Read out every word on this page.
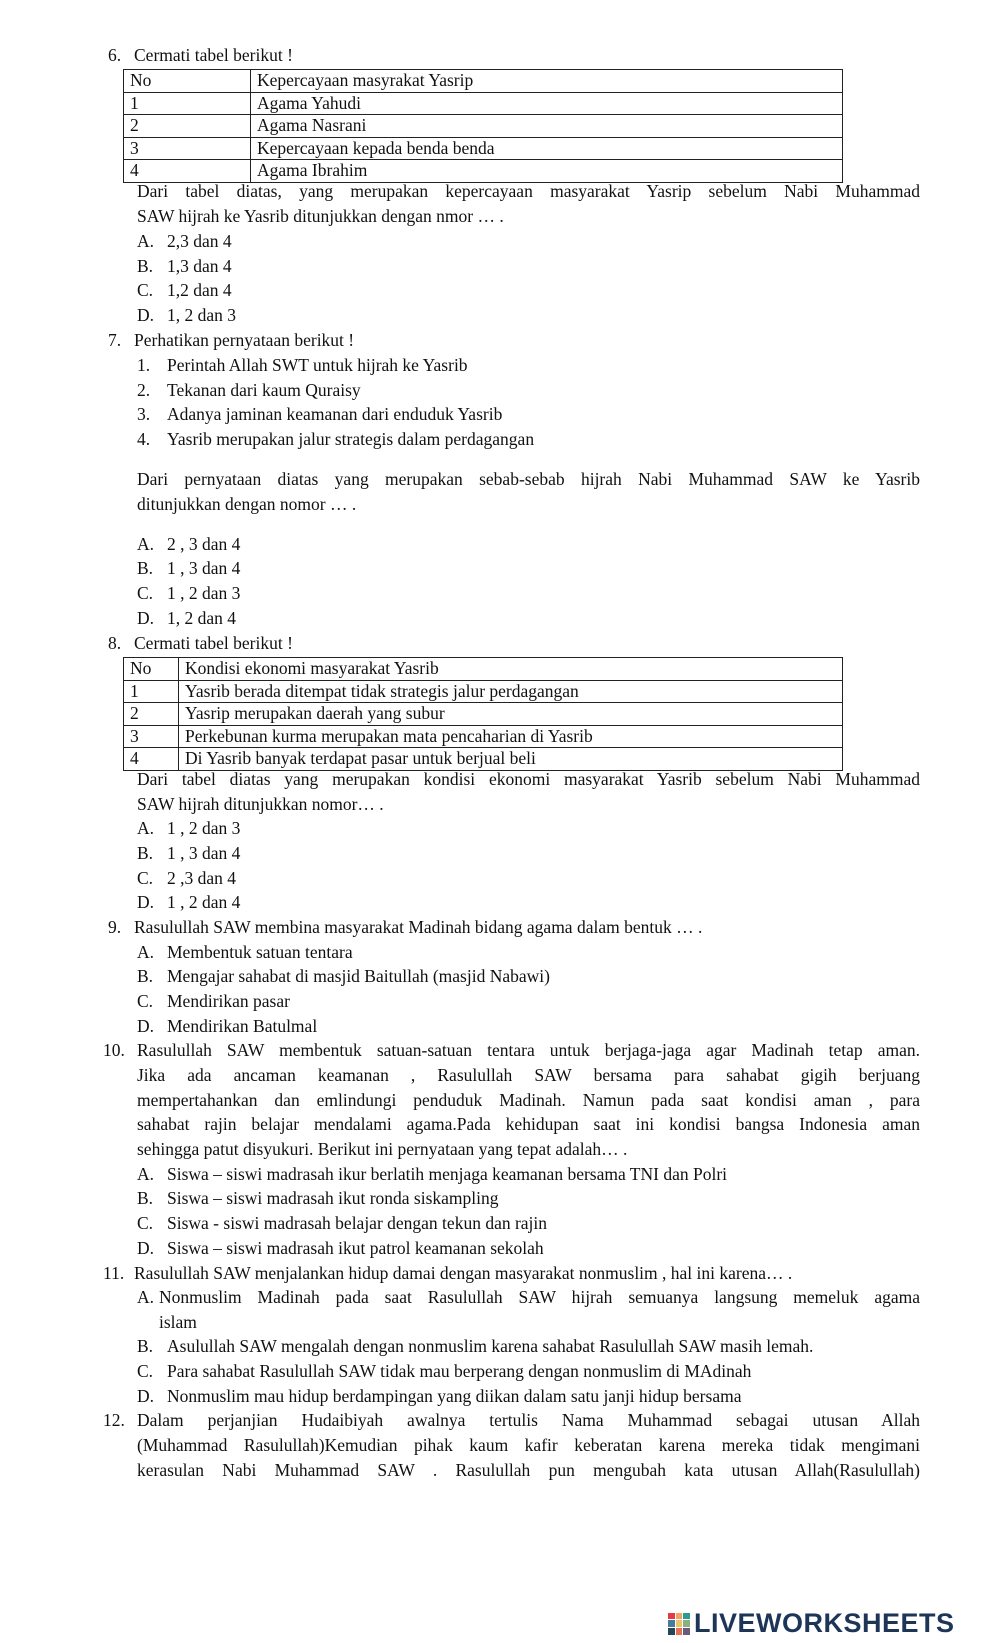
6. Cermati tabel berikut !
No	Kepercayaan masyrakat Yasrip
1	Agama Yahudi
2	Agama Nasrani
3	Kepercayaan kepada benda benda
4	Agama Ibrahim
Dari tabel diatas, yang merupakan kepercayaan masyarakat Yasrip sebelum Nabi Muhammad
SAW hijrah ke Yasrib ditunjukkan dengan nmor … .
A. 2,3 dan 4
B. 1,3 dan 4
C. 1,2 dan 4
D. 1, 2 dan 3
7. Perhatikan pernyataan berikut !
1. Perintah Allah SWT untuk hijrah ke Yasrib
2. Tekanan dari kaum Quraisy
3. Adanya jaminan keamanan dari enduduk Yasrib
4. Yasrib merupakan jalur strategis dalam perdagangan
Dari pernyataan diatas yang merupakan sebab-sebab hijrah Nabi Muhammad SAW ke Yasrib
ditunjukkan dengan nomor … .
A. 2 , 3 dan 4
B. 1 , 3 dan 4
C. 1 , 2 dan 3
D. 1, 2 dan 4
8. Cermati tabel berikut !
No	Kondisi ekonomi masyarakat Yasrib
1	Yasrib berada ditempat tidak strategis jalur perdagangan
2	Yasrip merupakan daerah yang subur
3	Perkebunan kurma merupakan mata pencaharian di Yasrib
4	Di Yasrib banyak terdapat pasar untuk berjual beli
Dari tabel diatas yang merupakan kondisi ekonomi masyarakat Yasrib sebelum Nabi Muhammad
SAW hijrah ditunjukkan nomor… .
A. 1 , 2 dan 3
B. 1 , 3 dan 4
C. 2 ,3 dan 4
D. 1 , 2 dan 4
9. Rasulullah SAW membina masyarakat Madinah bidang agama dalam bentuk … .
A. Membentuk satuan tentara
B. Mengajar sahabat di masjid Baitullah (masjid Nabawi)
C. Mendirikan pasar
D. Mendirikan Batulmal
10. Rasulullah SAW membentuk satuan-satuan tentara untuk berjaga-jaga agar Madinah tetap aman.
Jika ada ancaman keamanan , Rasulullah SAW bersama para sahabat gigih berjuang
mempertahankan dan emlindungi penduduk Madinah. Namun pada saat kondisi aman , para
sahabat rajin belajar mendalami agama.Pada kehidupan saat ini kondisi bangsa Indonesia aman
sehingga patut disyukuri. Berikut ini pernyataan yang tepat adalah… .
A. Siswa – siswi madrasah ikur berlatih menjaga keamanan bersama TNI dan Polri
B. Siswa – siswi madrasah ikut ronda siskampling
C. Siswa - siswi madrasah belajar dengan tekun dan rajin
D. Siswa – siswi madrasah ikut patrol keamanan sekolah
11. Rasulullah SAW menjalankan hidup damai dengan masyarakat nonmuslim , hal ini karena… .
A. Nonmuslim Madinah pada saat Rasulullah SAW hijrah semuanya langsung memeluk agama
islam
B. Asulullah SAW mengalah dengan nonmuslim karena sahabat Rasulullah SAW masih lemah.
C. Para sahabat Rasulullah SAW tidak mau berperang dengan nonmuslim di MAdinah
D. Nonmuslim mau hidup berdampingan yang diikan dalam satu janji hidup bersama
12. Dalam perjanjian Hudaibiyah awalnya tertulis Nama Muhammad sebagai utusan Allah
(Muhammad Rasulullah)Kemudian pihak kaum kafir keberatan karena mereka tidak mengimani
kerasulan Nabi Muhammad SAW . Rasulullah pun mengubah kata utusan Allah(Rasulullah)
LIVEWORKSHEETS
